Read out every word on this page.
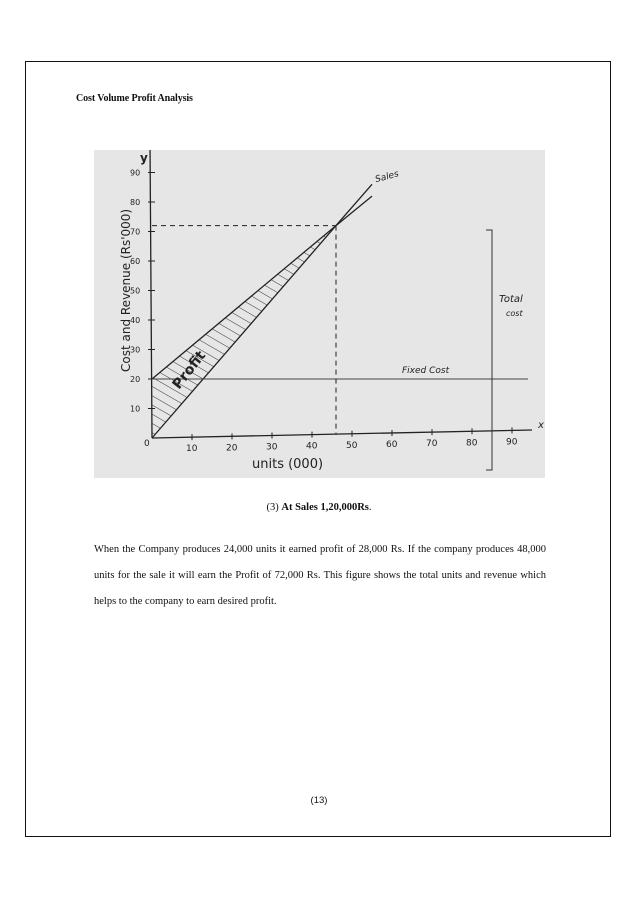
Cost Volume Profit Analysis
10
20
30
40
50
60
70
80
90
10	20	30	40	50	60	70	80	90
0
Sales
Fixed Cost
Total
cost
Profit
y
x
units (000)
Cost and Revenue (Rs'000)
(3) At Sales 1,20,000Rs.

When the Company produces 24,000 units it earned profit of 28,000 Rs. If the company produces 48,000 units for the sale it will earn the Profit of 72,000 Rs. This figure shows the total units and revenue which helps to the company to earn desired profit.

(13)
